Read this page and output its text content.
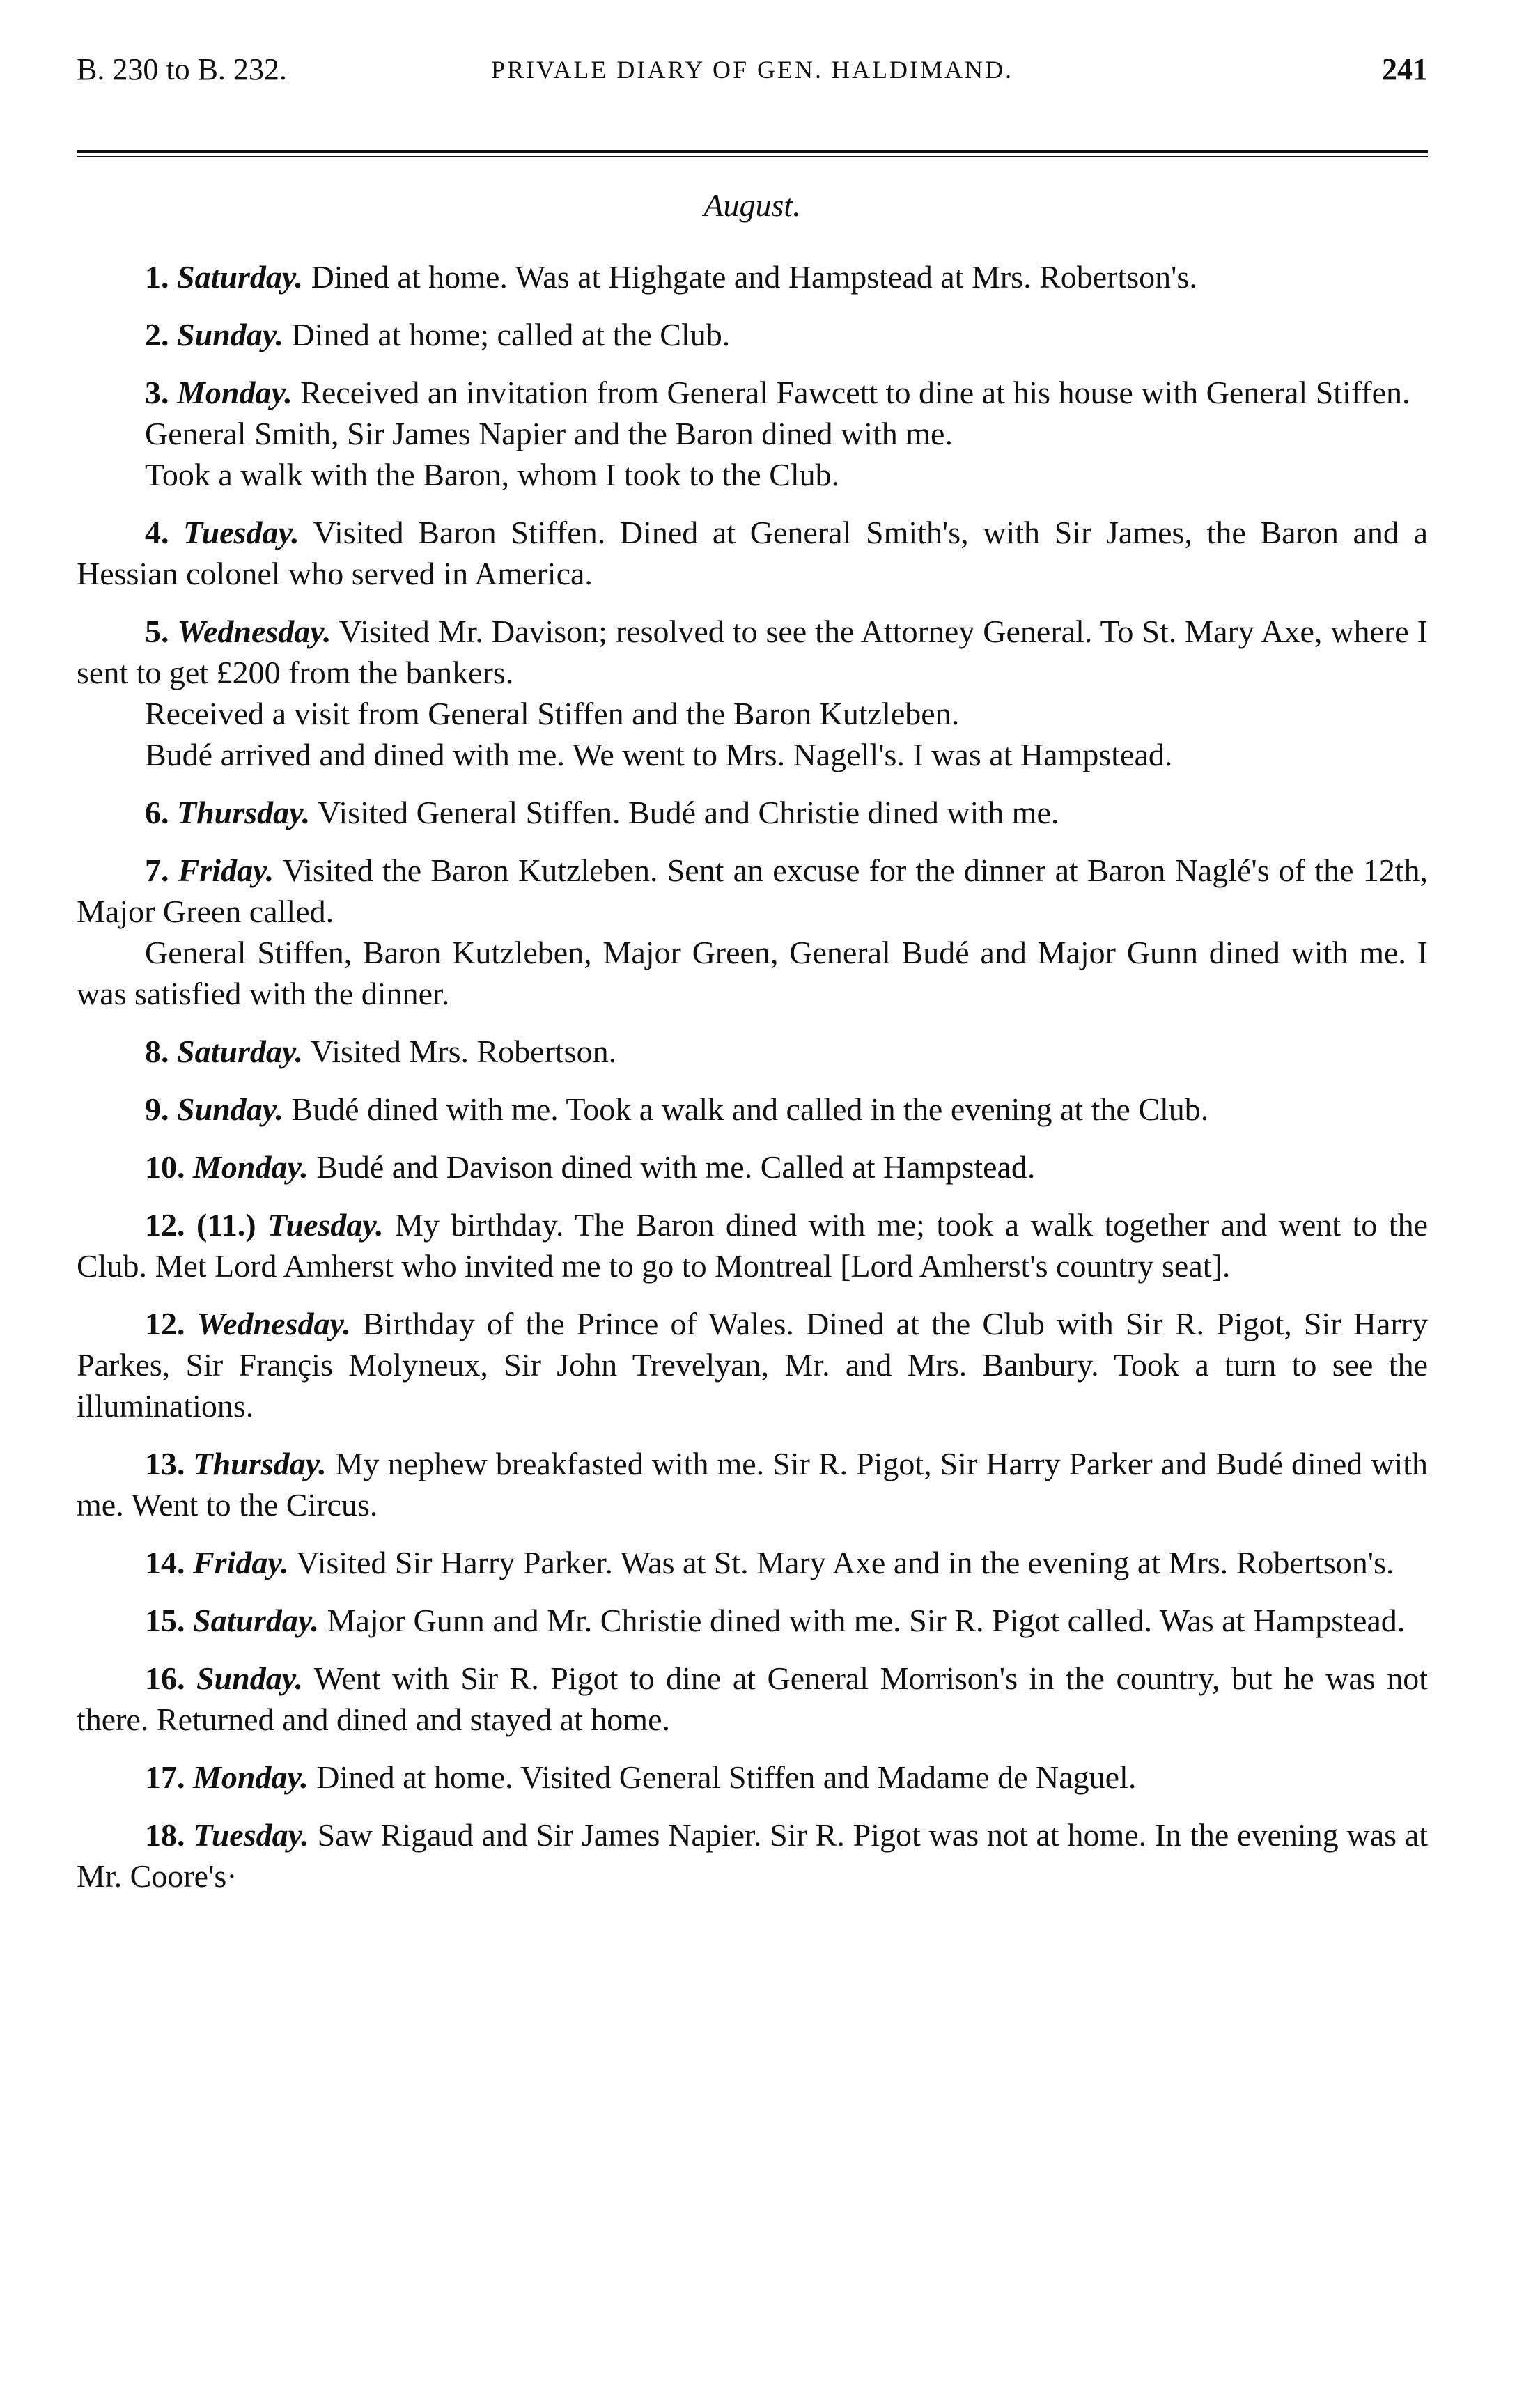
B. 230 to B. 232.	PRIVALE DIARY OF GEN. HALDIMAND.	241
August.

1. Saturday. Dined at home. Was at Highgate and Hampstead at Mrs. Robertson's.

2. Sunday. Dined at home; called at the Club.

3. Monday. Received an invitation from General Fawcett to dine at his house with General Stiffen.

General Smith, Sir James Napier and the Baron dined with me.

Took a walk with the Baron, whom I took to the Club.

4. Tuesday. Visited Baron Stiffen. Dined at General Smith's, with Sir James, the Baron and a Hessian colonel who served in America.

5. Wednesday. Visited Mr. Davison; resolved to see the Attorney General. To St. Mary Axe, where I sent to get £200 from the bankers.

Received a visit from General Stiffen and the Baron Kutzleben.

Budé arrived and dined with me. We went to Mrs. Nagell's. I was at Hampstead.

6. Thursday. Visited General Stiffen. Budé and Christie dined with me.

7. Friday. Visited the Baron Kutzleben. Sent an excuse for the dinner at Baron Naglé's of the 12th, Major Green called.

General Stiffen, Baron Kutzleben, Major Green, General Budé and Major Gunn dined with me. I was satisfied with the dinner.

8. Saturday. Visited Mrs. Robertson.

9. Sunday. Budé dined with me. Took a walk and called in the evening at the Club.

10. Monday. Budé and Davison dined with me. Called at Hampstead.

12. (11.) Tuesday. My birthday. The Baron dined with me; took a walk together and went to the Club. Met Lord Amherst who invited me to go to Montreal [Lord Amherst's country seat].

12. Wednesday. Birthday of the Prince of Wales. Dined at the Club with Sir R. Pigot, Sir Harry Parkes, Sir Françis Molyneux, Sir John Trevelyan, Mr. and Mrs. Banbury. Took a turn to see the illuminations.

13. Thursday. My nephew breakfasted with me. Sir R. Pigot, Sir Harry Parker and Budé dined with me. Went to the Circus.

14. Friday. Visited Sir Harry Parker. Was at St. Mary Axe and in the evening at Mrs. Robertson's.

15. Saturday. Major Gunn and Mr. Christie dined with me. Sir R. Pigot called. Was at Hampstead.

16. Sunday. Went with Sir R. Pigot to dine at General Morrison's in the country, but he was not there. Returned and dined and stayed at home.

17. Monday. Dined at home. Visited General Stiffen and Madame de Naguel.

18. Tuesday. Saw Rigaud and Sir James Napier. Sir R. Pigot was not at home. In the evening was at Mr. Coore's·
